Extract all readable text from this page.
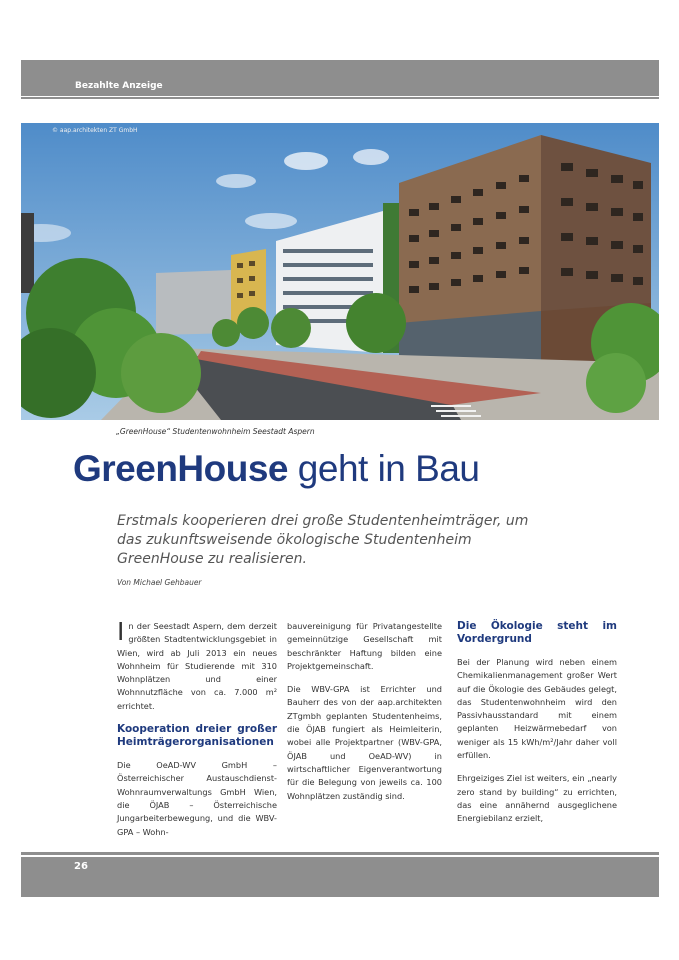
Bezahlte Anzeige
© aap.architekten ZT GmbH
„GreenHouse“ Studentenwohnheim Seestadt Aspern
GreenHouse geht in Bau
Erstmals kooperieren drei große Studentenheimträger, um das zukunftsweisende ökologische Studentenheim GreenHouse zu realisieren.
Von Michael Gehbauer

In der Seestadt Aspern, dem derzeit größten Stadtentwicklungsgebiet in Wien, wird ab Juli 2013 ein neues Wohnheim für Studierende mit 310 Wohnplätzen und einer Wohnnutzfläche von ca. 7.000 m² errichtet.

Kooperation dreier großer Heimträgerorganisationen

Die OeAD-WV GmbH – Österreichischer Austauschdienst-Wohnraumverwaltungs GmbH Wien, die ÖJAB – Österreichische Jungarbeiterbewegung, und die WBV-GPA – Wohn-

bauvereinigung für Privatangestellte gemeinnützige Gesellschaft mit beschränkter Haftung bilden eine Projektgemeinschaft.

Die WBV-GPA ist Errichter und Bauherr des von der aap.architekten ZTgmbh geplanten Studentenheims, die ÖJAB fungiert als Heimleiterin, wobei alle Projektpartner (WBV-GPA, ÖJAB und OeAD-WV) in wirtschaftlicher Eigenverantwortung für die Belegung von jeweils ca. 100 Wohnplätzen zuständig sind.

Die Ökologie steht im Vordergrund

Bei der Planung wird neben einem Chemikalienmanagement großer Wert auf die Ökologie des Gebäudes gelegt, das Studentenwohnheim wird den Passivhausstandard mit einem geplanten Heizwärmebedarf von weniger als 15 kWh/m²/Jahr daher voll erfüllen.

Ehrgeiziges Ziel ist weiters, ein „nearly zero stand by building“ zu errichten, das eine annähernd ausgeglichene Energiebilanz erzielt,

26
